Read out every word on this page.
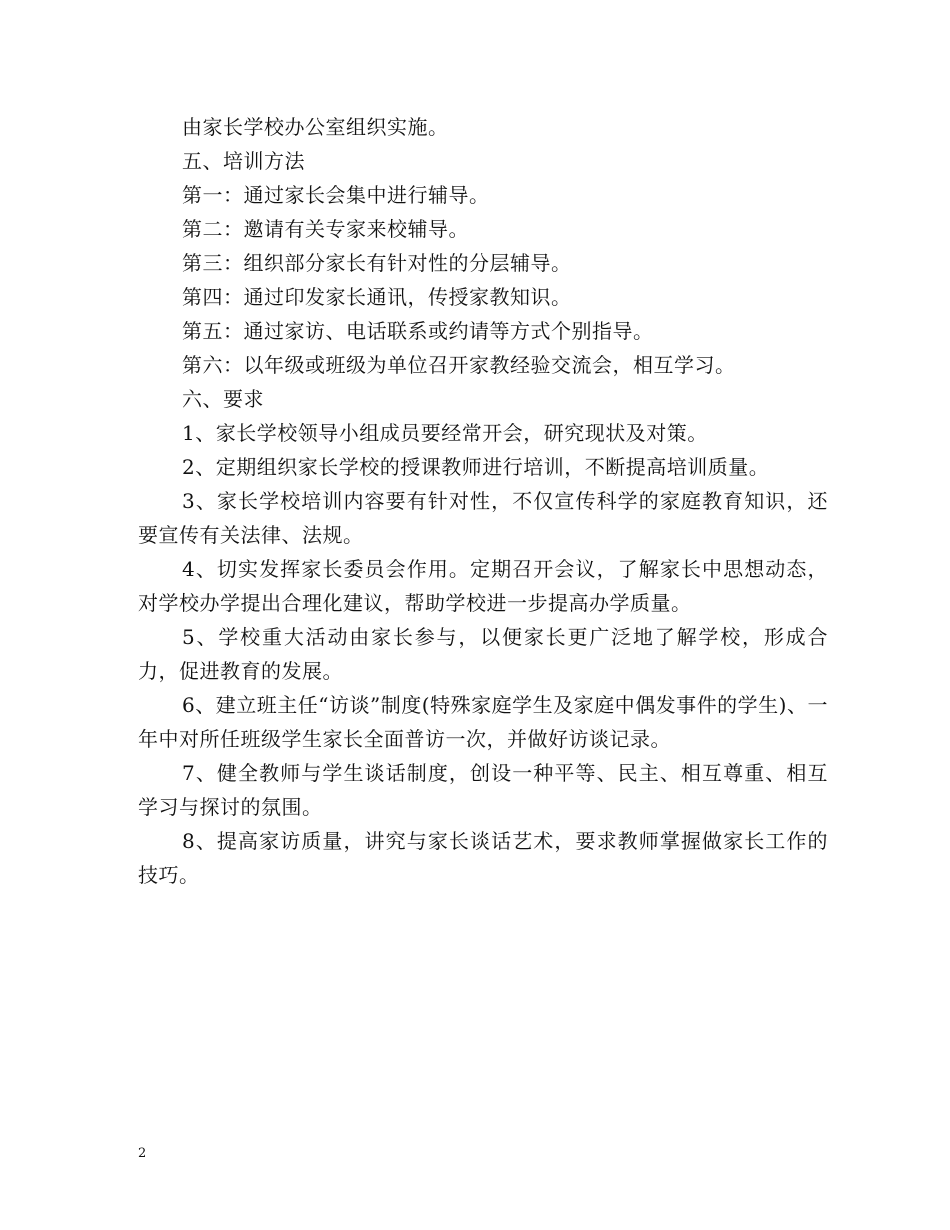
由家长学校办公室组织实施。

五、培训方法

第一：通过家长会集中进行辅导。

第二：邀请有关专家来校辅导。

第三：组织部分家长有针对性的分层辅导。

第四：通过印发家长通讯，传授家教知识。

第五：通过家访、电话联系或约请等方式个别指导。

第六：以年级或班级为单位召开家教经验交流会，相互学习。

六、要求

1、家长学校领导小组成员要经常开会，研究现状及对策。

2、定期组织家长学校的授课教师进行培训，不断提高培训质量。

3、家长学校培训内容要有针对性，不仅宣传科学的家庭教育知识，还要宣传有关法律、法规。

4、切实发挥家长委员会作用。定期召开会议，了解家长中思想动态，对学校办学提出合理化建议，帮助学校进一步提高办学质量。

5、学校重大活动由家长参与，以便家长更广泛地了解学校，形成合力，促进教育的发展。

6、建立班主任“访谈”制度(特殊家庭学生及家庭中偶发事件的学生)、一年中对所任班级学生家长全面普访一次，并做好访谈记录。

7、健全教师与学生谈话制度，创设一种平等、民主、相互尊重、相互学习与探讨的氛围。

8、提高家访质量，讲究与家长谈话艺术，要求教师掌握做家长工作的技巧。

2
